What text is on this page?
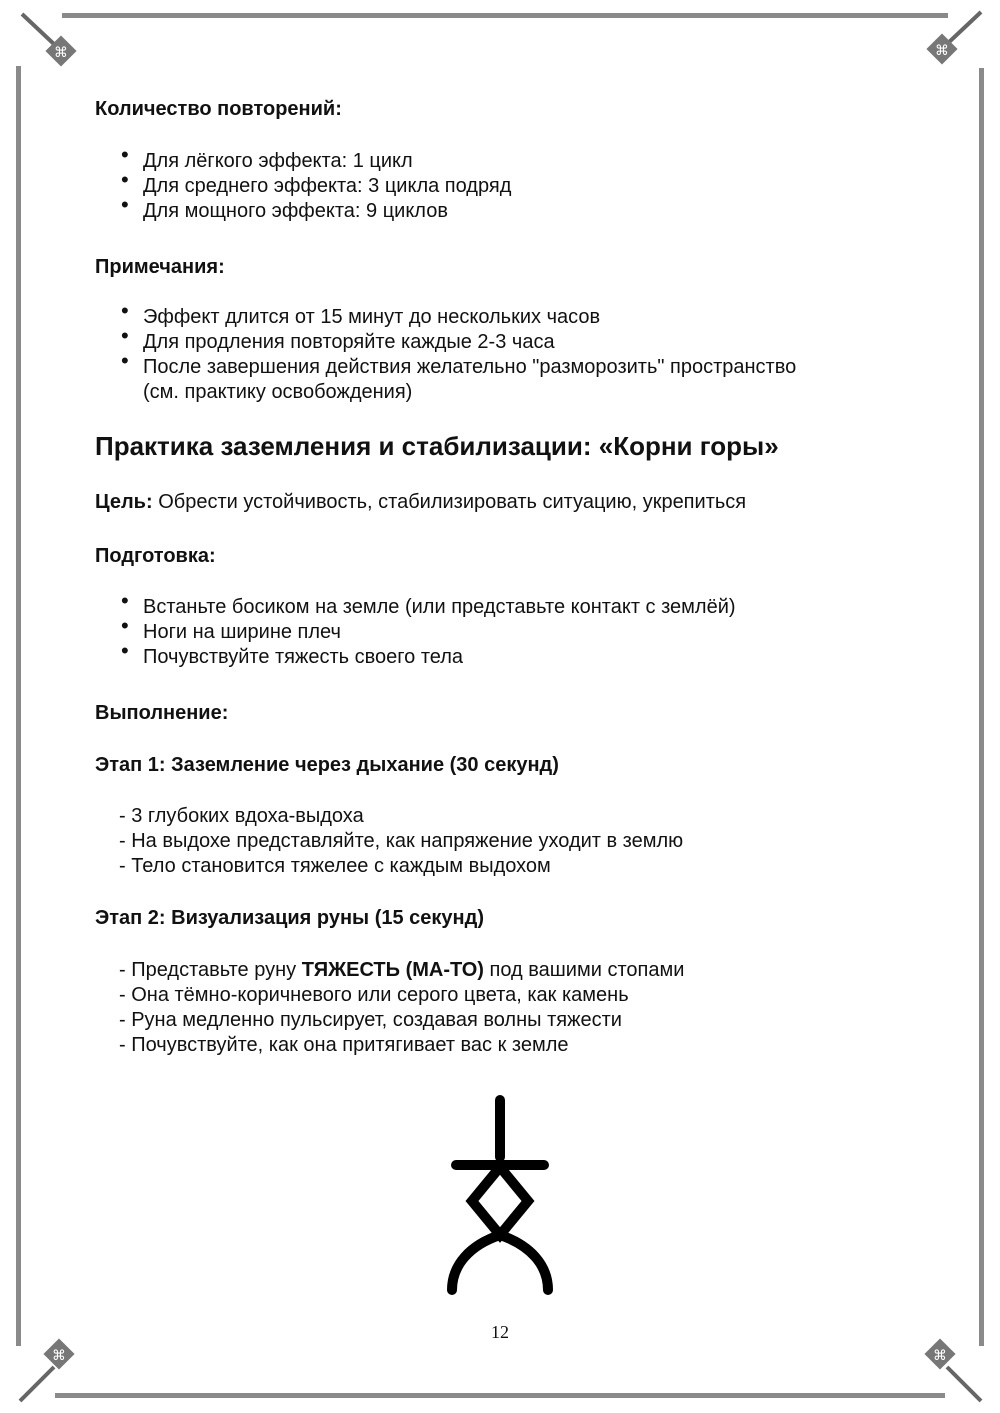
⌘	⌘
⌘	⌘
Количество повторений:
•
Для лёгкого эффекта: 1 цикл
•
Для среднего эффекта: 3 цикла подряд
•
Для мощного эффекта: 9 циклов
Примечания:
•
Эффект длится от 15 минут до нескольких часов
•
Для продления повторяйте каждые 2-3 часа
•
После завершения действия желательно "разморозить" пространство
(см. практику освобождения)
Практика заземления и стабилизации: «Корни горы»
Цель: Обрести устойчивость, стабилизировать ситуацию, укрепиться
Подготовка:
•
Встаньте босиком на земле (или представьте контакт с землёй)
•
Ноги на ширине плеч
•
Почувствуйте тяжесть своего тела
Выполнение:
Этап 1: Заземление через дыхание (30 секунд)
- 3 глубоких вдоха-выдоха
- На выдохе представляйте, как напряжение уходит в землю
- Тело становится тяжелее с каждым выдохом
Этап 2: Визуализация руны (15 секунд)
- Представьте руну ТЯЖЕСТЬ (МА-ТО) под вашими стопами
- Она тёмно-коричневого или серого цвета, как камень
- Руна медленно пульсирует, создавая волны тяжести
- Почувствуйте, как она притягивает вас к земле
12
